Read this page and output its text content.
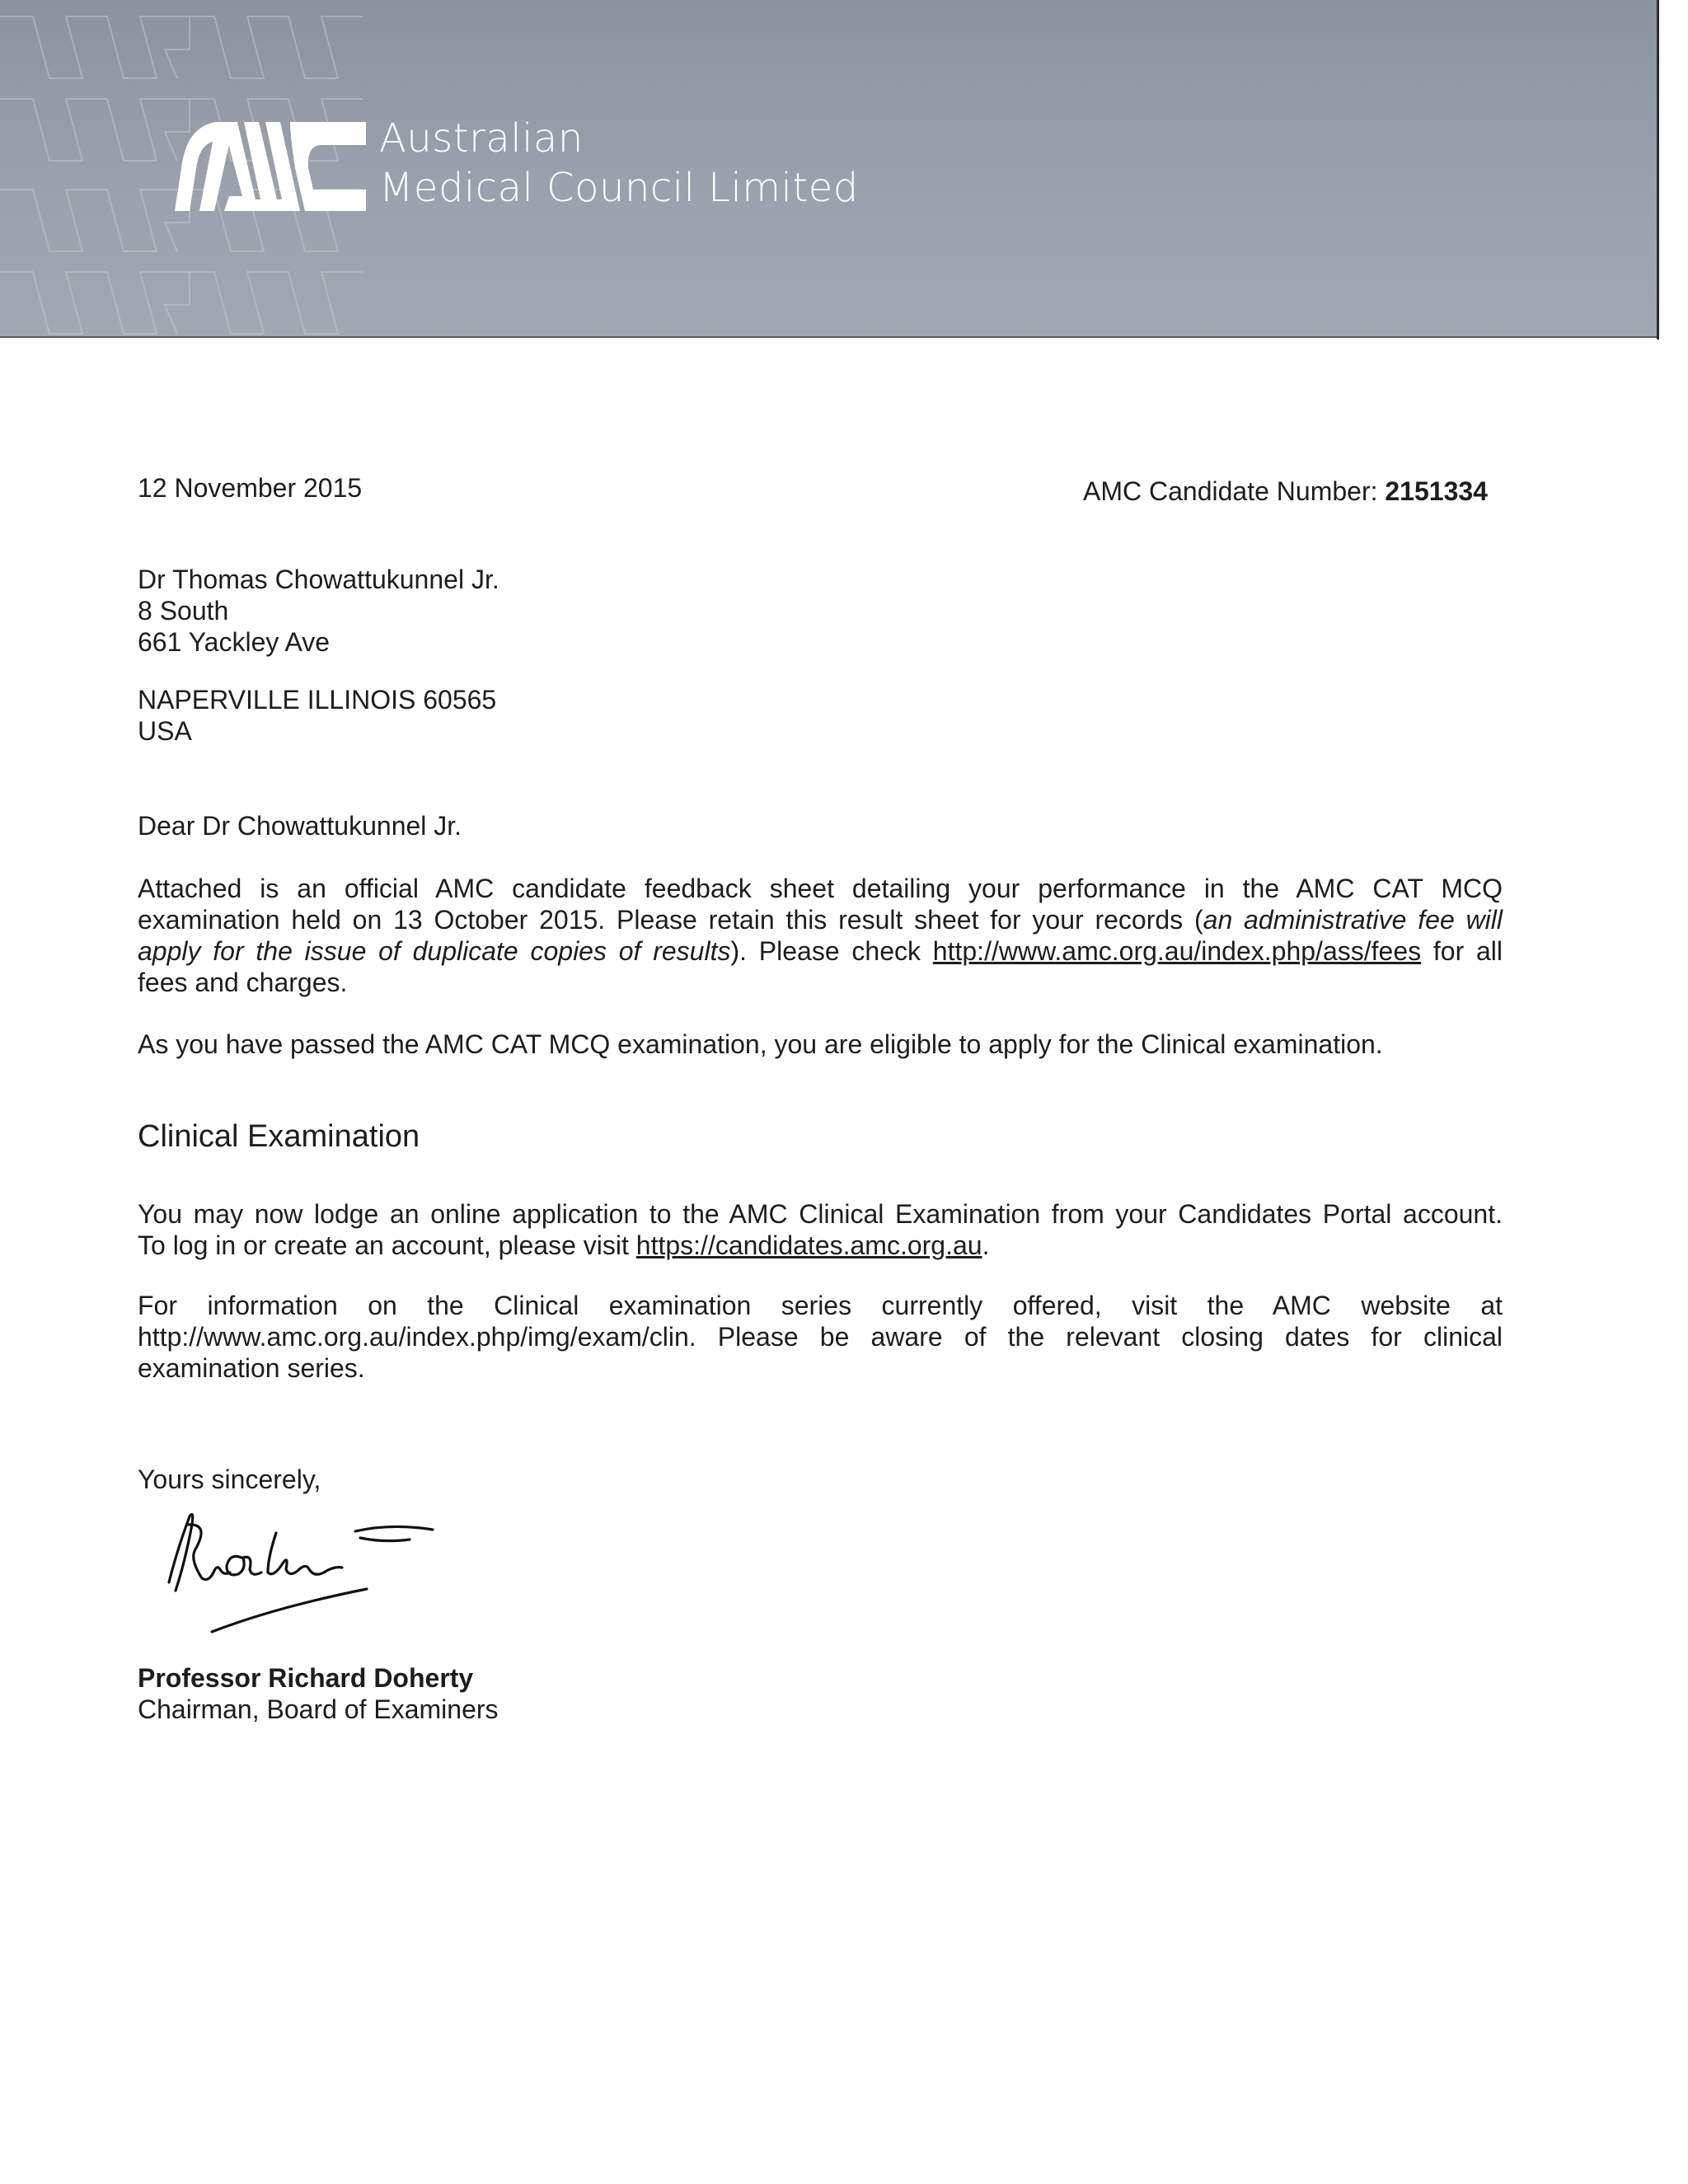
Australian
Medical Council Limited
12 November 2015	AMC Candidate Number: 2151334
Dr Thomas Chowattukunnel Jr.
8 South
661 Yackley Ave
NAPERVILLE ILLINOIS 60565
USA
Dear Dr Chowattukunnel Jr.
Attached is an official AMC candidate feedback sheet detailing your performance in the AMC CAT MCQ
examination held on 13 October 2015. Please retain this result sheet for your records (an administrative fee will
apply for the issue of duplicate copies of results). Please check http://www.amc.org.au/index.php/ass/fees for all
fees and charges.
As you have passed the AMC CAT MCQ examination, you are eligible to apply for the Clinical examination.
Clinical Examination
You may now lodge an online application to the AMC Clinical Examination from your Candidates Portal account.
To log in or create an account, please visit https://candidates.amc.org.au.
For information on the Clinical examination series currently offered, visit the AMC website at
http://www.amc.org.au/index.php/img/exam/clin. Please be aware of the relevant closing dates for clinical
examination series.
Yours sincerely,
Professor Richard Doherty
Chairman, Board of Examiners
